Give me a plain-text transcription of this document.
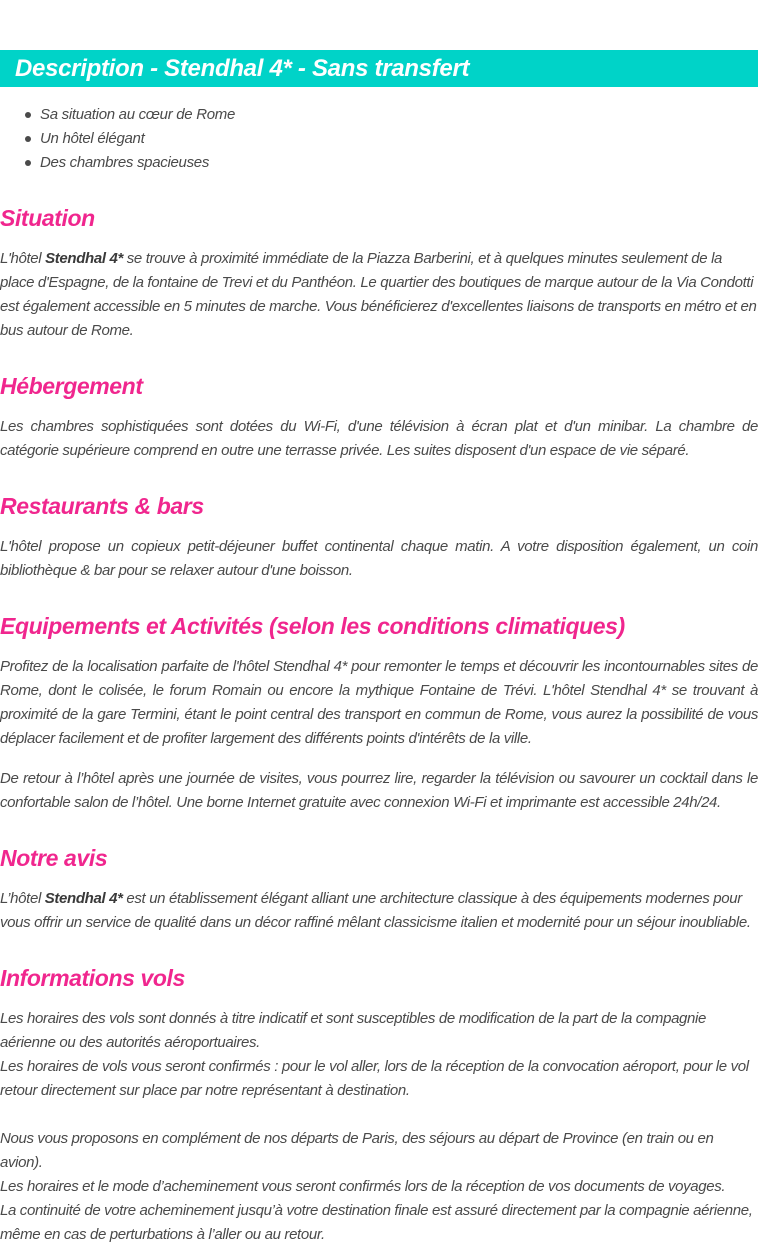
Description - Stendhal 4* - Sans transfert
Sa situation au cœur de Rome
Un hôtel élégant
Des chambres spacieuses
Situation

L'hôtel Stendhal 4* se trouve à proximité immédiate de la Piazza Barberini, et à quelques minutes seulement de la place d'Espagne, de la fontaine de Trevi et du Panthéon. Le quartier des boutiques de marque autour de la Via Condotti est également accessible en 5 minutes de marche. Vous bénéficierez d'excellentes liaisons de transports en métro et en bus autour de Rome.

Hébergement

Les chambres sophistiquées sont dotées du Wi-Fi, d'une télévision à écran plat et d'un minibar. La chambre de catégorie supérieure comprend en outre une terrasse privée. Les suites disposent d'un espace de vie séparé.

Restaurants & bars

L'hôtel propose un copieux petit-déjeuner buffet continental chaque matin. A votre disposition également, un coin bibliothèque & bar pour se relaxer autour d'une boisson.

Equipements et Activités (selon les conditions climatiques)

Profitez de la localisation parfaite de l'hôtel Stendhal 4* pour remonter le temps et découvrir les incontournables sites de Rome, dont le colisée, le forum Romain ou encore la mythique Fontaine de Trévi. L'hôtel Stendhal 4* se trouvant à proximité de la gare Termini, étant le point central des transport en commun de Rome, vous aurez la possibilité de vous déplacer facilement et de profiter largement des différents points d'intérêts de la ville.

De retour à l’hôtel après une journée de visites, vous pourrez lire, regarder la télévision ou savourer un cocktail dans le confortable salon de l’hôtel. Une borne Internet gratuite avec connexion Wi-Fi et imprimante est accessible 24h/24.

Notre avis

L’hôtel Stendhal 4* est un établissement élégant alliant une architecture classique à des équipements modernes pour vous offrir un service de qualité dans un décor raffiné mêlant classicisme italien et modernité pour un séjour inoubliable.

Informations vols
Les horaires des vols sont donnés à titre indicatif et sont susceptibles de modification de la part de la compagnie aérienne ou des autorités aéroportuaires.
Les horaires de vols vous seront confirmés : pour le vol aller, lors de la réception de la convocation aéroport, pour le vol retour directement sur place par notre représentant à destination.
Nous vous proposons en complément de nos départs de Paris, des séjours au départ de Province (en train ou en avion).
Les horaires et le mode d’acheminement vous seront confirmés lors de la réception de vos documents de voyages.
La continuité de votre acheminement jusqu’à votre destination finale est assuré directement par la compagnie aérienne, même en cas de perturbations à l’aller ou au retour.
